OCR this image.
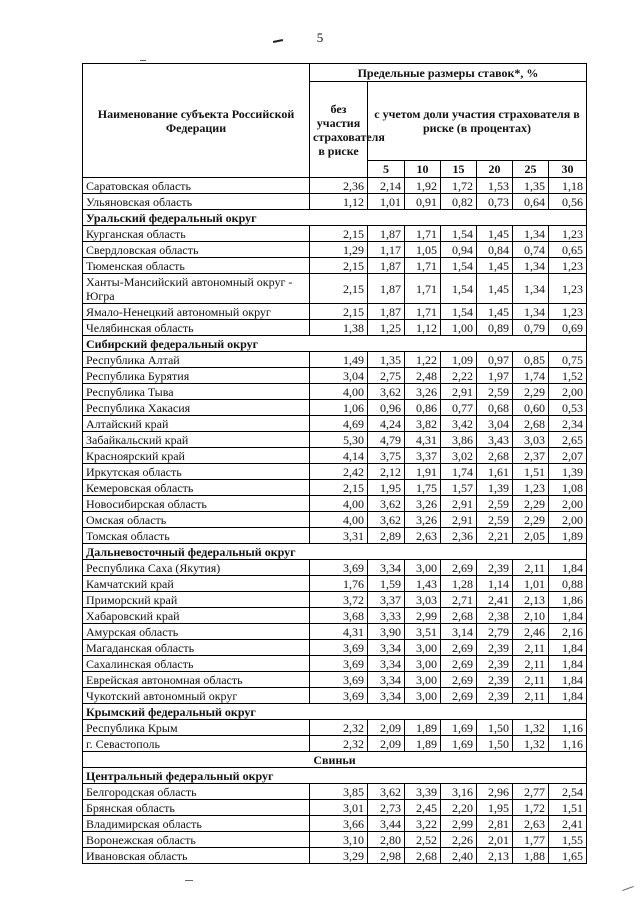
5
Наименование субъекта Российской Федерации	Предельные размеры ставок*, %						
	без участия страхователя в риске	с учетом доли участия страхователя в риске (в процентах)					
		5	10	15	20	25	30
Саратовская область	2,36	2,14	1,92	1,72	1,53	1,35	1,18
Ульяновская область	1,12	1,01	0,91	0,82	0,73	0,64	0,56
Уральский федеральный округ							
Курганская область	2,15	1,87	1,71	1,54	1,45	1,34	1,23
Свердловская область	1,29	1,17	1,05	0,94	0,84	0,74	0,65
Тюменская область	2,15	1,87	1,71	1,54	1,45	1,34	1,23
Ханты-Мансийский автономный округ - Югра	2,15	1,87	1,71	1,54	1,45	1,34	1,23
Ямало-Ненецкий автономный округ	2,15	1,87	1,71	1,54	1,45	1,34	1,23
Челябинская область	1,38	1,25	1,12	1,00	0,89	0,79	0,69
Сибирский федеральный округ							
Республика Алтай	1,49	1,35	1,22	1,09	0,97	0,85	0,75
Республика Бурятия	3,04	2,75	2,48	2,22	1,97	1,74	1,52
Республика Тыва	4,00	3,62	3,26	2,91	2,59	2,29	2,00
Республика Хакасия	1,06	0,96	0,86	0,77	0,68	0,60	0,53
Алтайский край	4,69	4,24	3,82	3,42	3,04	2,68	2,34
Забайкальский край	5,30	4,79	4,31	3,86	3,43	3,03	2,65
Красноярский край	4,14	3,75	3,37	3,02	2,68	2,37	2,07
Иркутская область	2,42	2,12	1,91	1,74	1,61	1,51	1,39
Кемеровская область	2,15	1,95	1,75	1,57	1,39	1,23	1,08
Новосибирская область	4,00	3,62	3,26	2,91	2,59	2,29	2,00
Омская область	4,00	3,62	3,26	2,91	2,59	2,29	2,00
Томская область	3,31	2,89	2,63	2,36	2,21	2,05	1,89
Дальневосточный федеральный округ							
Республика Саха (Якутия)	3,69	3,34	3,00	2,69	2,39	2,11	1,84
Камчатский край	1,76	1,59	1,43	1,28	1,14	1,01	0,88
Приморский край	3,72	3,37	3,03	2,71	2,41	2,13	1,86
Хабаровский край	3,68	3,33	2,99	2,68	2,38	2,10	1,84
Амурская область	4,31	3,90	3,51	3,14	2,79	2,46	2,16
Магаданская область	3,69	3,34	3,00	2,69	2,39	2,11	1,84
Сахалинская область	3,69	3,34	3,00	2,69	2,39	2,11	1,84
Еврейская автономная область	3,69	3,34	3,00	2,69	2,39	2,11	1,84
Чукотский автономный округ	3,69	3,34	3,00	2,69	2,39	2,11	1,84
Крымский федеральный округ							
Республика Крым	2,32	2,09	1,89	1,69	1,50	1,32	1,16
г. Севастополь	2,32	2,09	1,89	1,69	1,50	1,32	1,16
Свиньи							
Центральный федеральный округ							
Белгородская область	3,85	3,62	3,39	3,16	2,96	2,77	2,54
Брянская область	3,01	2,73	2,45	2,20	1,95	1,72	1,51
Владимирская область	3,66	3,44	3,22	2,99	2,81	2,63	2,41
Воронежская область	3,10	2,80	2,52	2,26	2,01	1,77	1,55
Ивановская область	3,29	2,98	2,68	2,40	2,13	1,88	1,65
